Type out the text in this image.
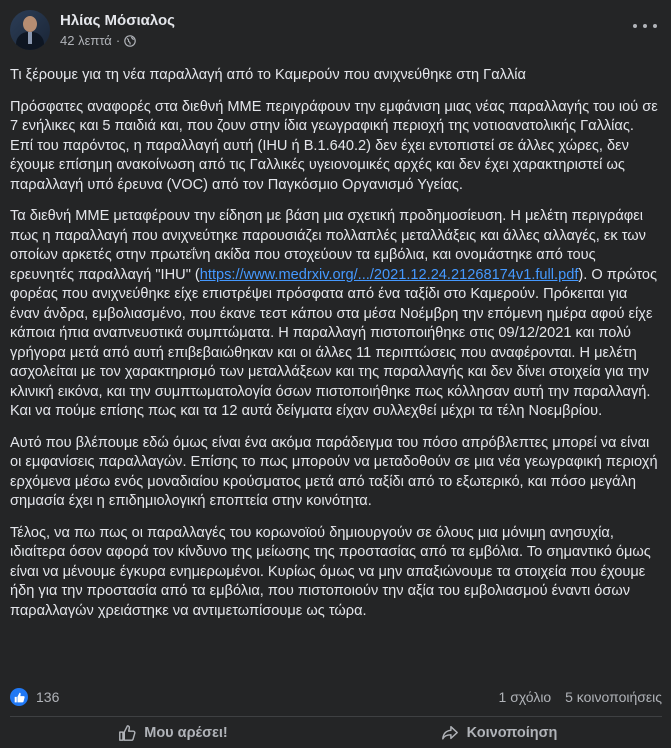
Ηλίας Μόσιαλος
42 λεπτά ·

Τι ξέρουμε για τη νέα παραλλαγή από το Καμερούν που ανιχνεύθηκε στη Γαλλία

Πρόσφατες αναφορές στα διεθνή ΜΜΕ περιγράφουν την εμφάνιση μιας νέας παραλλαγής του ιού σε 7 ενήλικες και 5 παιδιά και, που ζουν στην ίδια γεωγραφική περιοχή της νοτιοανατολικής Γαλλίας. Επί του παρόντος, η παραλλαγή αυτή (IHU ή B.1.640.2) δεν έχει εντοπιστεί σε άλλες χώρες, δεν έχουμε επίσημη ανακοίνωση από τις Γαλλικές υγειονομικές αρχές και δεν έχει χαρακτηριστεί ως παραλλαγή υπό έρευνα (VOC) από τον Παγκόσμιο Οργανισμό Υγείας.

Τα διεθνή ΜΜΕ μεταφέρουν την είδηση με βάση μια σχετική προδημοσίευση. Η μελέτη περιγράφει πως η παραλλαγή που ανιχνεύτηκε παρουσιάζει πολλαπλές μεταλλάξεις και άλλες αλλαγές, εκ των οποίων αρκετές στην πρωτεΐνη ακίδα που στοχεύουν τα εμβόλια, και ονομάστηκε από τους ερευνητές παραλλαγή "IHU" (https://www.medrxiv.org/.../2021.12.24.21268174v1.full.pdf). Ο πρώτος φορέας που ανιχνεύθηκε είχε επιστρέψει πρόσφατα από ένα ταξίδι στο Καμερούν. Πρόκειται για έναν άνδρα, εμβολιασμένο, που έκανε τεστ κάπου στα μέσα Νοέμβρη την επόμενη ημέρα αφού είχε κάποια ήπια αναπνευστικά συμπτώματα. Η παραλλαγή πιστοποιήθηκε στις 09/12/2021 και πολύ γρήγορα μετά από αυτή επιβεβαιώθηκαν και οι άλλες 11 περιπτώσεις που αναφέρονται. Η μελέτη ασχολείται με τον χαρακτηρισμό των μεταλλάξεων και της παραλλαγής και δεν δίνει στοιχεία για την κλινική εικόνα, και την συμπτωματολογία όσων πιστοποιήθηκε πως κόλλησαν αυτή την παραλλαγή. Και να πούμε επίσης πως και τα 12 αυτά δείγματα είχαν συλλεχθεί μέχρι τα τέλη Νοεμβρίου.

Αυτό που βλέπουμε εδώ όμως είναι ένα ακόμα παράδειγμα του πόσο απρόβλεπτες μπορεί να είναι οι εμφανίσεις παραλλαγών. Επίσης το πως μπορούν να μεταδοθούν σε μια νέα γεωγραφική περιοχή ερχόμενα μέσω ενός μοναδιαίου κρούσματος μετά από ταξίδι από το εξωτερικό, και πόσο μεγάλη σημασία έχει η επιδημιολογική εποπτεία στην κοινότητα.

Τέλος, να πω πως οι παραλλαγές του κορωνοϊού δημιουργούν σε όλους μια μόνιμη ανησυχία, ιδιαίτερα όσον αφορά τον κίνδυνο της μείωσης της προστασίας από τα εμβόλια. Το σημαντικό όμως είναι να μένουμε έγκυρα ενημερωμένοι. Κυρίως όμως να μην απαξιώνουμε τα στοιχεία που έχουμε ήδη για την προστασία από τα εμβόλια, που πιστοποιούν την αξία του εμβολιασμού έναντι όσων παραλλαγών χρειάστηκε να αντιμετωπίσουμε ως τώρα.

136	1 σχόλιο 5 κοινοποιήσεις
Μου αρέσει!	Κοινοποίηση
